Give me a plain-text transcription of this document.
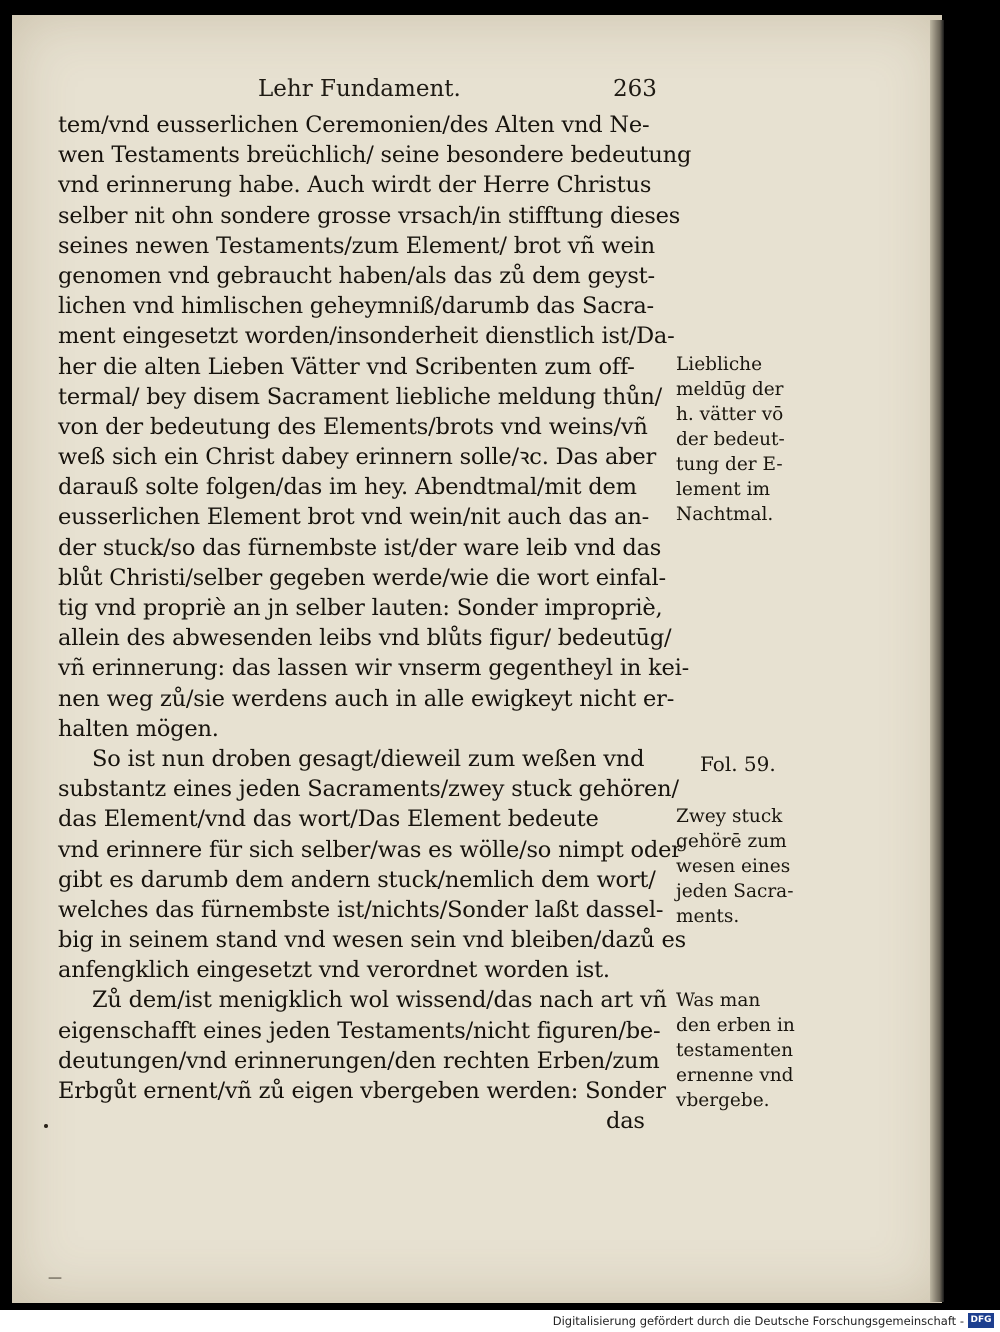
Lehr Fundament.	263
tem/vnd eusserlichen Ceremonien/des Alten vnd Ne-
wen Testaments breüchlich/ seine besondere bedeutung
vnd erinnerung habe. Auch wirdt der Herre Christus
selber nit ohn sondere grosse vrsach/in stifftung dieses
seines newen Testaments/zum Element/ brot vñ wein
genomen vnd gebraucht haben/als das zů dem geyst-
lichen vnd himlischen geheymniß/darumb das Sacra-
ment eingesetzt worden/insonderheit dienstlich ist/Da-
her die alten Lieben Vätter vnd Scribenten zum off-
termal/ bey disem Sacrament liebliche meldung thůn/
von der bedeutung des Elements/brots vnd weins/vñ
weß sich ein Christ dabey erinnern solle/ꝛc. Das aber
darauß solte folgen/das im hey. Abendtmal/mit dem
eusserlichen Element brot vnd wein/nit auch das an-
der stuck/so das fürnembste ist/der ware leib vnd das
blůt Christi/selber gegeben werde/wie die wort einfal-
tig vnd propriè an jn selber lauten: Sonder impropriè,
allein des abwesenden leibs vnd blůts figur/ bedeutūg/
vñ erinnerung: das lassen wir vnserm gegentheyl in kei-
nen weg zů/sie werdens auch in alle ewigkeyt nicht er-
halten mögen.
So ist nun droben gesagt/dieweil zum weßen vnd
substantz eines jeden Sacraments/zwey stuck gehören/
das Element/vnd das wort/Das Element bedeute
vnd erinnere für sich selber/was es wölle/so nimpt oder
gibt es darumb dem andern stuck/nemlich dem wort/
welches das fürnembste ist/nichts/Sonder laßt dassel-
big in seinem stand vnd wesen sein vnd bleiben/dazů es
anfengklich eingesetzt vnd verordnet worden ist.
Zů dem/ist menigklich wol wissend/das nach art vñ
eigenschafft eines jeden Testaments/nicht figuren/be-
deutungen/vnd erinnerungen/den rechten Erben/zum
Erbgůt ernent/vñ zů eigen vbergeben werden: Sonder
das
Liebliche
meldūg der
h. vätter vō
der bedeut-
tung der E-
lement im
Nachtmal.
Fol. 59.
Zwey stuck
gehörē zum
wesen eines
jeden Sacra-
ments.
Was man
den erben in
testamenten
ernenne vnd
vbergebe.
—
Digitalisierung gefördert durch die Deutsche Forschungsgemeinschaft - DFG
